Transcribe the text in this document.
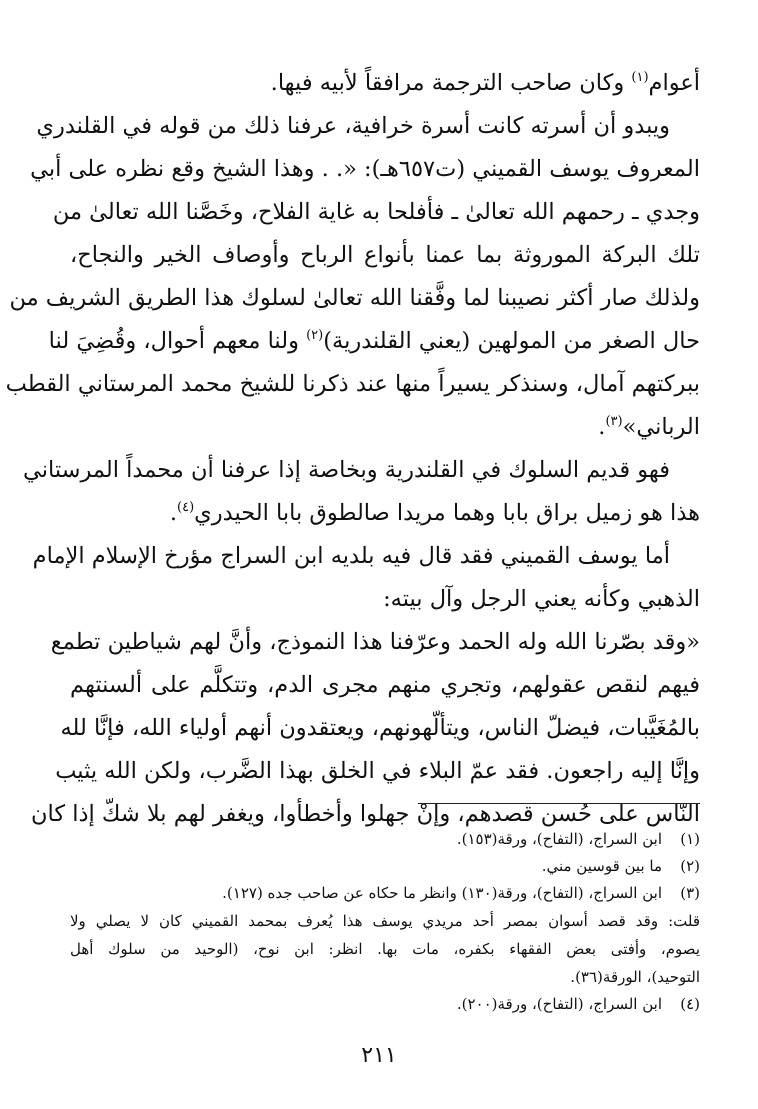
أعوام$^{(١)}$ وكان صاحب الترجمة مرافقاً لأبيه فيها.
ويبدو أن أسرته كانت أسرة خرافية، عرفنا ذلك من قوله في القلندري
المعروف يوسف القميني (ت٦٥٧هـ): «. . وهذا الشيخ وقع نظره على أبي
وجدي ـ رحمهم الله تعالىٰ ـ فأفلحا به غاية الفلاح، وخَصَّنا الله تعالىٰ من
تلك البركة الموروثة بما عمنا بأنواع الرباح وأوصاف الخير والنجاح،
ولذلك صار أكثر نصيبنا لما وفَّقنا الله تعالىٰ لسلوك هذا الطريق الشريف من
حال الصغر من المولهين (يعني القلندرية)$^{(٢)}$ ولنا معهم أحوال، وقُضِيَ لنا
ببركتهم آمال، وسنذكر يسيراً منها عند ذكرنا للشيخ محمد المرستاني القطب
الرباني»$^{(٣)}$.
فهو قديم السلوك في القلندرية وبخاصة إذا عرفنا أن محمداً المرستاني
هذا هو زميل براق بابا وهما مريدا صالطوق بابا الحيدري$^{(٤)}$.
أما يوسف القميني فقد قال فيه بلديه ابن السراج مؤرخ الإسلام الإمام
الذهبي وكأنه يعني الرجل وآل بيته:
«وقد بصّرنا الله وله الحمد وعرّفنا هذا النموذج، وأنَّ لهم شياطين تطمع
فيهم لنقص عقولهم، وتجري منهم مجرى الدم، وتتكلَّم على ألسنتهم
بالمُغَيَّبات، فيضلّ الناس، ويتألّهونهم، ويعتقدون أنهم أولياء الله، فإنَّا لله
وإنَّا إليه راجعون. فقد عمّ البلاء في الخلق بهذا الضَّرب، ولكن الله يثيب
النّاس على حُسن قصدهم، وإنْ جهلوا وأخطأوا، ويغفر لهم بلا شكّ إذا كان
(١)
ابن السراج، (التفاح)، ورقة(١٥٣).
(٢)
ما بين قوسين مني.
(٣)
ابن السراج، (التفاح)، ورقة(١٣٠) وانظر ما حكاه عن صاحب جده (١٢٧).
قلت: وقد قصد أسوان بمصر أحد مريدي يوسف هذا يُعرف بمحمد القميني كان لا يصلي ولا
يصوم، وأفتى بعض الفقهاء بكفره، مات بها. انظر: ابن نوح، (الوحيد من سلوك أهل
التوحيد)، الورقة(٣٦).
(٤)
ابن السراج، (التفاح)، ورقة(٢٠٠).
٢١١
